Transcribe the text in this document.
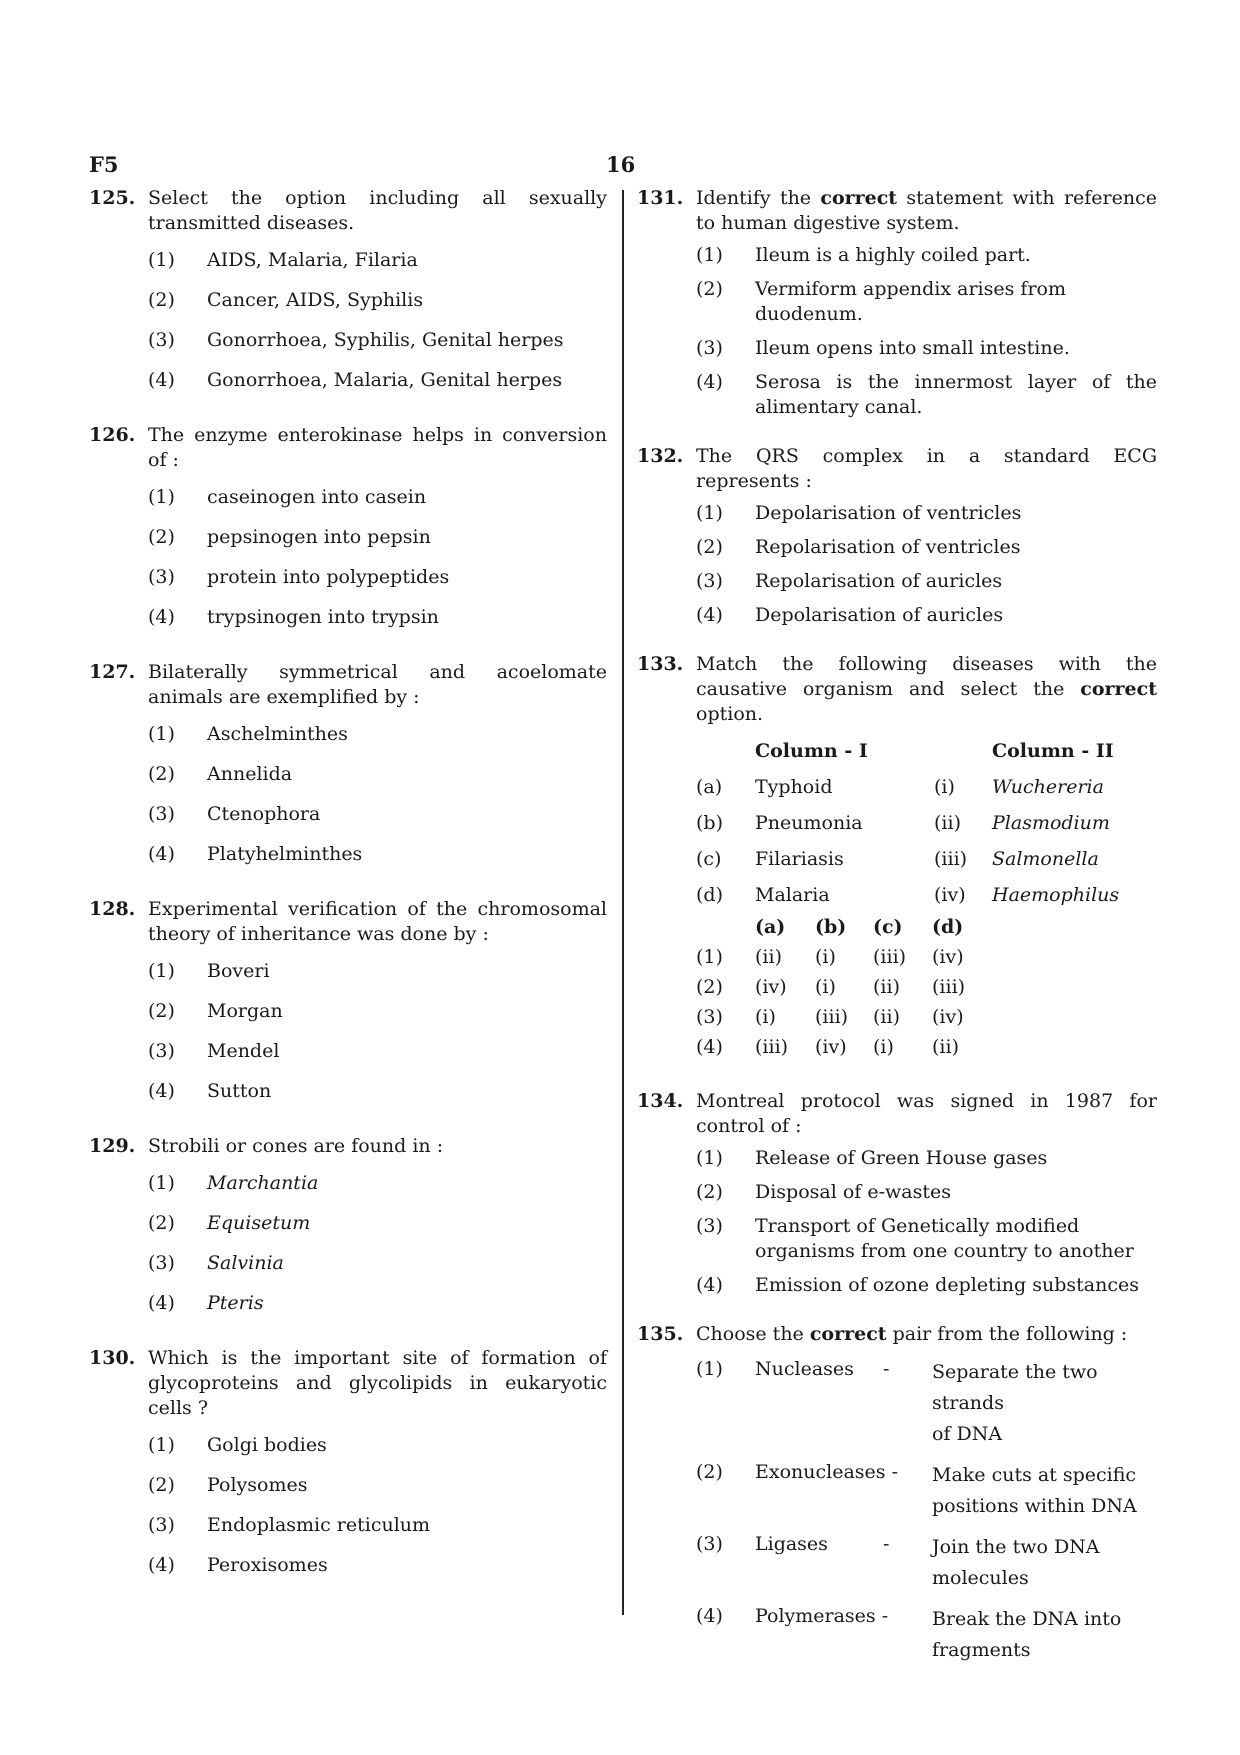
F5	16
125. Select the option including all sexually transmitted diseases.
(1) AIDS, Malaria, Filaria
(2) Cancer, AIDS, Syphilis
(3) Gonorrhoea, Syphilis, Genital herpes
(4) Gonorrhoea, Malaria, Genital herpes
126. The enzyme enterokinase helps in conversion of :
(1) caseinogen into casein
(2) pepsinogen into pepsin
(3) protein into polypeptides
(4) trypsinogen into trypsin
127. Bilaterally symmetrical and acoelomate animals are exemplified by :
(1) Aschelminthes
(2) Annelida
(3) Ctenophora
(4) Platyhelminthes
128. Experimental verification of the chromosomal theory of inheritance was done by :
(1) Boveri
(2) Morgan
(3) Mendel
(4) Sutton
129. Strobili or cones are found in :
(1) Marchantia
(2) Equisetum
(3) Salvinia
(4) Pteris
130. Which is the important site of formation of glycoproteins and glycolipids in eukaryotic cells ?
(1) Golgi bodies
(2) Polysomes
(3) Endoplasmic reticulum
(4) Peroxisomes
131. Identify the correct statement with reference to human digestive system.
(1) Ileum is a highly coiled part.
(2) Vermiform appendix arises from duodenum.
(3) Ileum opens into small intestine.
(4) Serosa is the innermost layer of the alimentary canal.
132. The QRS complex in a standard ECG represents :
(1) Depolarisation of ventricles
(2) Repolarisation of ventricles
(3) Repolarisation of auricles
(4) Depolarisation of auricles
133. Match the following diseases with the causative organism and select the correct option.
Column - I	Column - II
(a) Typhoid	(i) Wuchereria
(b) Pneumonia	(ii) Plasmodium
(c) Filariasis	(iii) Salmonella
(d) Malaria	(iv) Haemophilus
(a) (b) (c) (d)
(1) (ii) (i) (iii) (iv)
(2) (iv) (i) (ii) (iii)
(3) (i) (iii) (ii) (iv)
(4) (iii) (iv) (i) (ii)
134. Montreal protocol was signed in 1987 for control of :
(1) Release of Green House gases
(2) Disposal of e-wastes
(3) Transport of Genetically modified organisms from one country to another
(4) Emission of ozone depleting substances
135. Choose the correct pair from the following :
(1) Nucleases - Separate the two strands
of DNA
(2) Exonucleases - Make cuts at specific
positions within DNA
(3) Ligases	- Join the two DNA
molecules
(4) Polymerases - Break the DNA into
fragments
